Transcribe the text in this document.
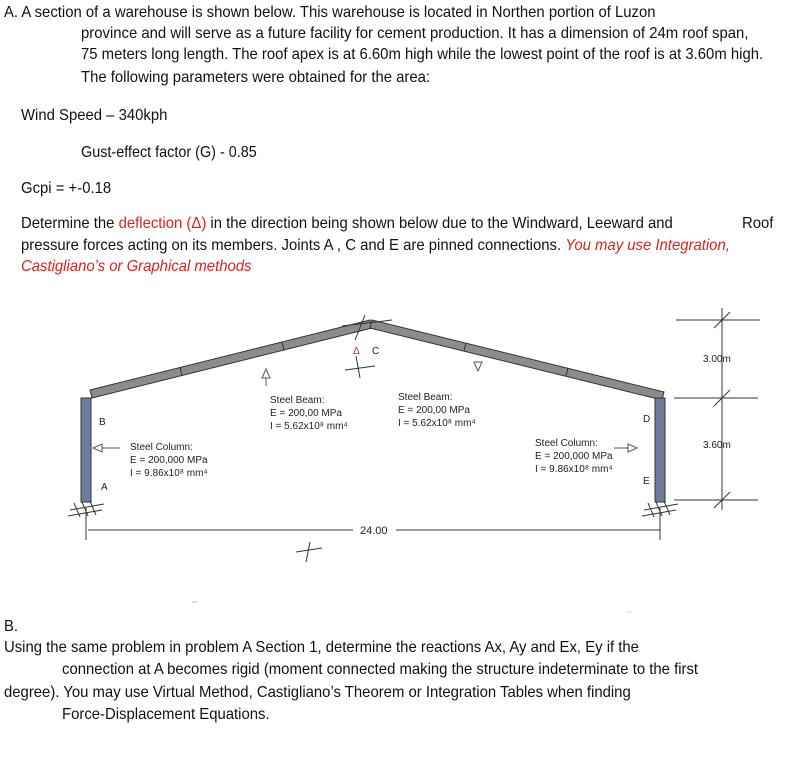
A. A section of a warehouse is shown below. This warehouse is located in Northen portion of Luzon
province and will serve as a future facility for cement production. It has a dimension of 24m roof span,
75 meters long length. The roof apex is at 6.60m high while the lowest point of the roof is at 3.60m high.
The following parameters were obtained for the area:
Wind Speed – 340kph
Gust-effect factor (G) - 0.85
Gcpi = +-0.18
Determine the deflection (Δ) in the direction being shown below due to the Windward, Leeward and	Roof
pressure forces acting on its members. Joints A , C and E are pinned connections. You may use Integration,
Castigliano’s or Graphical methods
B
A
C
Δ
D
E
24.00
3.00m
3.60m
Steel Beam:
E = 200,00 MPa
I = 5.62x10⁸ mm⁴
Steel Beam:
E = 200,00 MPa
I = 5.62x10⁸ mm⁴
Steel Column:
E = 200,000 MPa
I = 9.86x10⁸ mm⁴
Steel Column:
E = 200,000 MPa
I = 9.86x10⁸ mm⁴
B.
Using the same problem in problem A Section 1, determine the reactions Ax, Ay and Ex, Ey if the
connection at A becomes rigid (moment connected making the structure indeterminate to the first
degree). You may use Virtual Method, Castigliano’s Theorem or Integration Tables when finding
Force-Displacement Equations.
